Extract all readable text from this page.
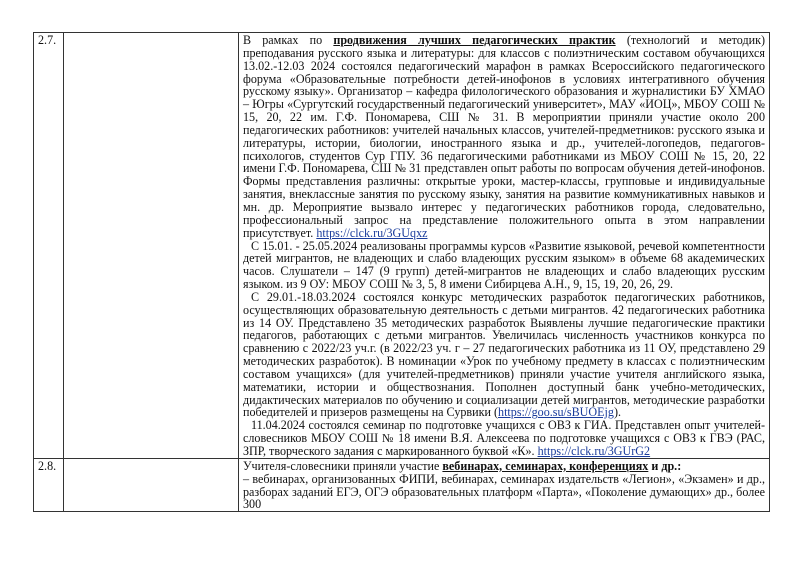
2.7.		В рамках по продвижения лучших педагогических практик (технологий и методик) преподавания русского языка и литературы: для классов с полиэтническим составом обучающихся 13.02.-12.03 2024 состоялся педагогический марафон в рамках Всероссийского педагогического форума «Образовательные потребности детей-инофонов в условиях интегративного обучения русскому языку». Организатор – кафедра филологического образования и журналистики БУ ХМАО – Югры «Сургутский государственный педагогический университет», МАУ «ИОЦ», МБОУ СОШ № 15, 20, 22 им. Г.Ф. Пономарева, СШ № 31. В мероприятии приняли участие около 200 педагогических работников: учителей начальных классов, учителей-предметников: русского языка и литературы, истории, биологии, иностранного языка и др., учителей-логопедов, педагогов-психологов, студентов Сур ГПУ. 36 педагогическими работниками из МБОУ СОШ № 15, 20, 22 имени Г.Ф. Пономарева, СШ № 31 представлен опыт работы по вопросам обучения детей-инофонов. Формы представления различны: открытые уроки, мастер-классы, групповые и индивидуальные занятия, внеклассные занятия по русскому языку, занятия на развитие коммуникативных навыков и мн. др. Мероприятие вызвало интерес у педагогических работников города, следовательно, профессиональный запрос на представление положительного опыта в этом направлении присутствует. https://clck.ru/3GUqxz

С 15.01. - 25.05.2024 реализованы программы курсов «Развитие языковой, речевой компетентности детей мигрантов, не владеющих и слабо владеющих русским языком» в объеме 68 академических часов. Слушатели – 147 (9 групп) детей-мигрантов не владеющих и слабо владеющих русским языком. из 9 ОУ: МБОУ СОШ № 3, 5, 8 имени Сибирцева А.Н., 9, 15, 19, 20, 26, 29.

С 29.01.-18.03.2024 состоялся конкурс методических разработок педагогических работников, осуществляющих образовательную деятельность с детьми мигрантов. 42 педагогических работника из 14 ОУ. Представлено 35 методических разработок Выявлены лучшие педагогические практики педагогов, работающих с детьми мигрантов. Увеличилась численность участников конкурса по сравнению с 2022/23 уч.г. (в 2022/23 уч. г – 27 педагогических работника из 11 ОУ, представлено 29 методических разработок). В номинации «Урок по учебному предмету в классах с полиэтническим составом учащихся» (для учителей-предметников) приняли участие учителя английского языка, математики, истории и обществознания. Пополнен доступный банк учебно-методических, дидактических материалов по обучению и социализации детей мигрантов, методические разработки победителей и призеров размещены на Сурвики (https://goo.su/sBUOEjg).

11.04.2024 состоялся семинар по подготовке учащихся с ОВЗ к ГИА. Представлен опыт учителей-словесников МБОУ СОШ № 18 имени В.Я. Алексеева по подготовке учащихся с ОВЗ к ГВЭ (РАС, ЗПР, творческого задания с маркированного буквой «К». https://clck.ru/3GUrG2

2.8.		Учителя-словесники приняли участие вебинарах, семинарах, конференциях и др.:

– вебинарах, организованных ФИПИ, вебинарах, семинарах издательств «Легион», «Экзамен» и др., разборах заданий ЕГЭ, ОГЭ образовательных платформ «Парта», «Поколение думающих» др., более 300
